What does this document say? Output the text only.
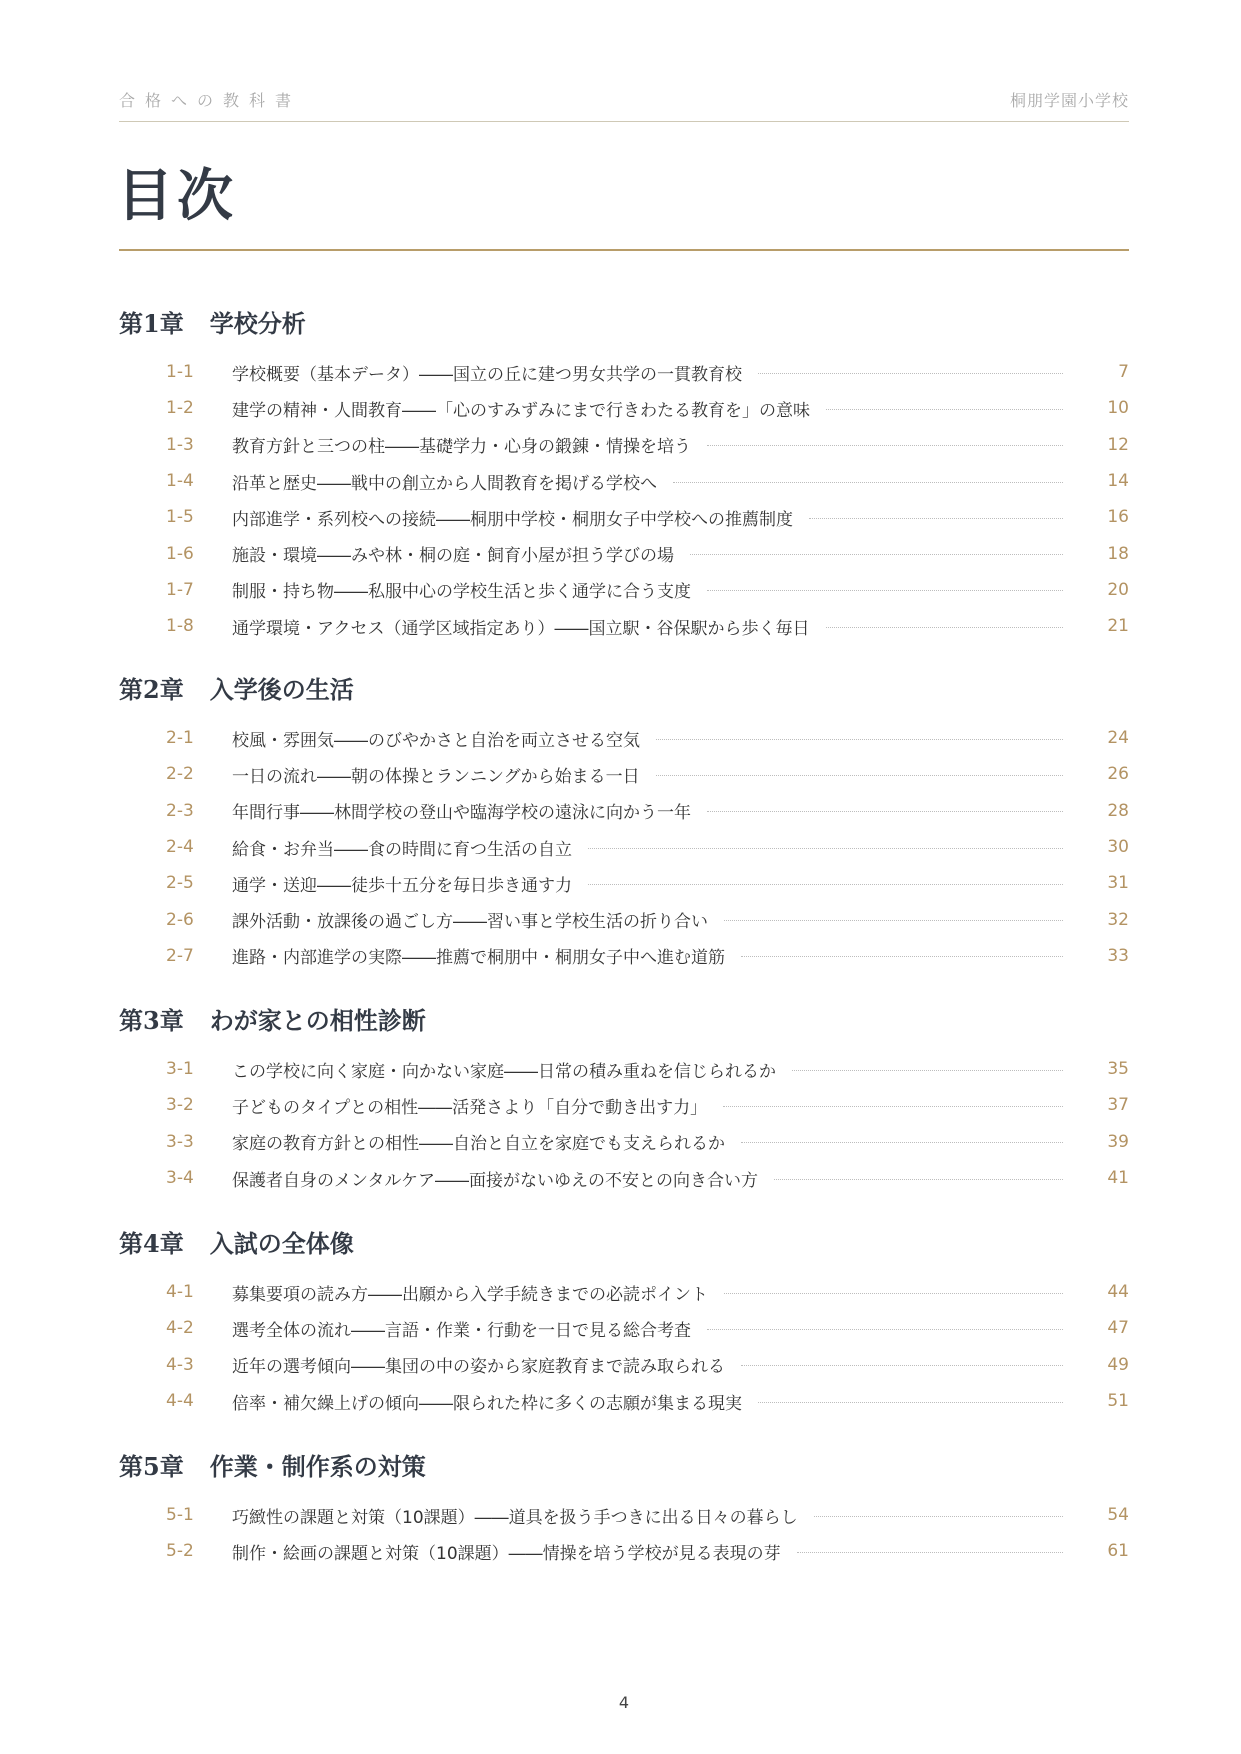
合格への教科書	桐朋学園小学校
目次
第1章 学校分析
1-1	学校概要（基本データ）――国立の丘に建つ男女共学の一貫教育校	7
1-2	建学の精神・人間教育――「心のすみずみにまで行きわたる教育を」の意味	10
1-3	教育方針と三つの柱――基礎学力・心身の鍛錬・情操を培う	12
1-4	沿革と歴史――戦中の創立から人間教育を掲げる学校へ	14
1-5	内部進学・系列校への接続――桐朋中学校・桐朋女子中学校への推薦制度	16
1-6	施設・環境――みや林・桐の庭・飼育小屋が担う学びの場	18
1-7	制服・持ち物――私服中心の学校生活と歩く通学に合う支度	20
1-8	通学環境・アクセス（通学区域指定あり）――国立駅・谷保駅から歩く毎日	21
第2章 入学後の生活
2-1	校風・雰囲気――のびやかさと自治を両立させる空気	24
2-2	一日の流れ――朝の体操とランニングから始まる一日	26
2-3	年間行事――林間学校の登山や臨海学校の遠泳に向かう一年	28
2-4	給食・お弁当――食の時間に育つ生活の自立	30
2-5	通学・送迎――徒歩十五分を毎日歩き通す力	31
2-6	課外活動・放課後の過ごし方――習い事と学校生活の折り合い	32
2-7	進路・内部進学の実際――推薦で桐朋中・桐朋女子中へ進む道筋	33
第3章 わが家との相性診断
3-1	この学校に向く家庭・向かない家庭――日常の積み重ねを信じられるか	35
3-2	子どものタイプとの相性――活発さより「自分で動き出す力」	37
3-3	家庭の教育方針との相性――自治と自立を家庭でも支えられるか	39
3-4	保護者自身のメンタルケア――面接がないゆえの不安との向き合い方	41
第4章 入試の全体像
4-1	募集要項の読み方――出願から入学手続きまでの必読ポイント	44
4-2	選考全体の流れ――言語・作業・行動を一日で見る総合考査	47
4-3	近年の選考傾向――集団の中の姿から家庭教育まで読み取られる	49
4-4	倍率・補欠繰上げの傾向――限られた枠に多くの志願が集まる現実	51
第5章 作業・制作系の対策
5-1	巧緻性の課題と対策（10課題）――道具を扱う手つきに出る日々の暮らし	54
5-2	制作・絵画の課題と対策（10課題）――情操を培う学校が見る表現の芽	61
4
